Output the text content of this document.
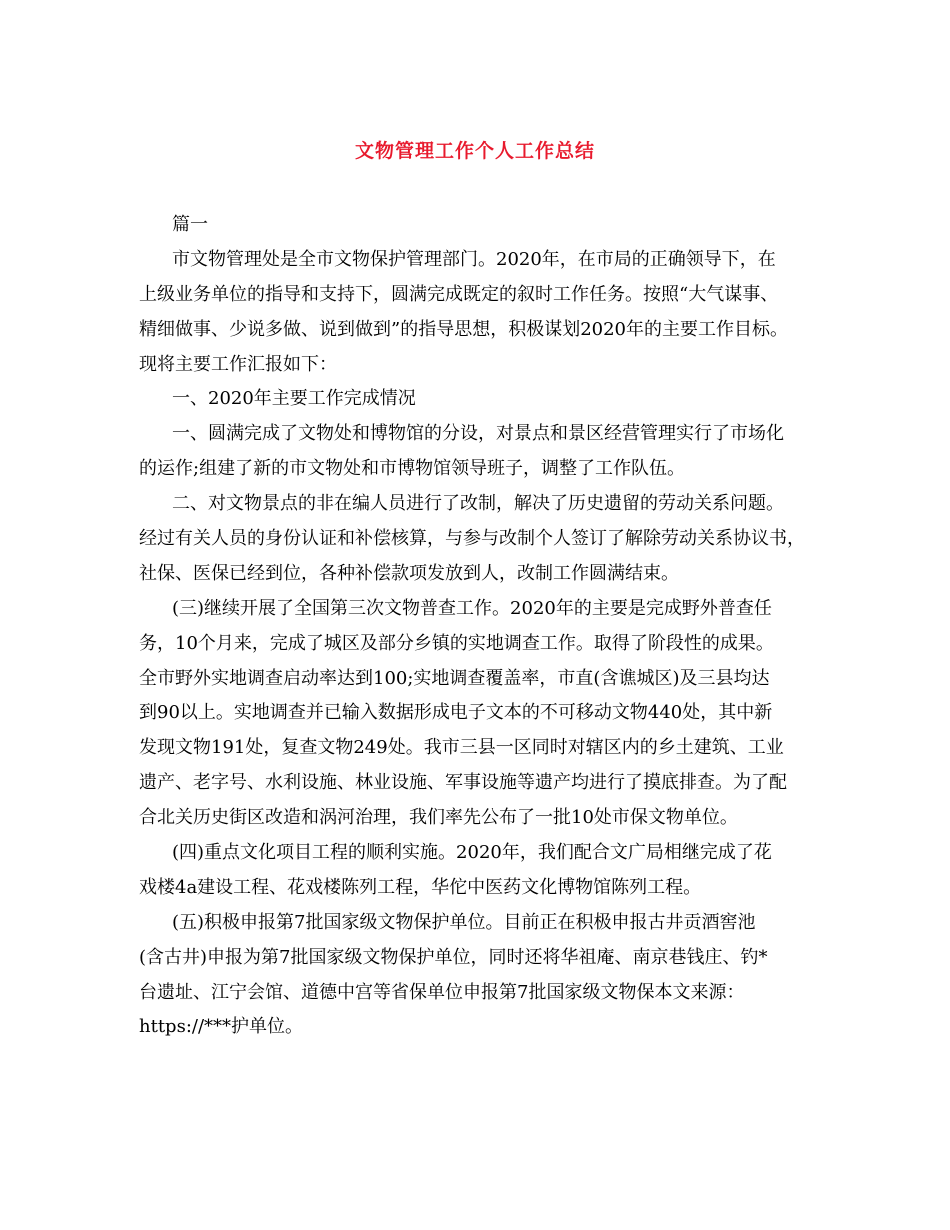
文物管理工作个人工作总结
篇一
市文物管理处是全市文物保护管理部门。2020年，在市局的正确领导下，在
上级业务单位的指导和支持下，圆满完成既定的叙时工作任务。按照“大气谋事、
精细做事、少说多做、说到做到”的指导思想，积极谋划2020年的主要工作目标。
现将主要工作汇报如下：
一、2020年主要工作完成情况
一、圆满完成了文物处和博物馆的分设，对景点和景区经营管理实行了市场化
的运作;组建了新的市文物处和市博物馆领导班子，调整了工作队伍。
二、对文物景点的非在编人员进行了改制，解决了历史遗留的劳动关系问题。
经过有关人员的身份认证和补偿核算，与参与改制个人签订了解除劳动关系协议书，
社保、医保已经到位，各种补偿款项发放到人，改制工作圆满结束。
(三)继续开展了全国第三次文物普查工作。2020年的主要是完成野外普查任
务，10个月来，完成了城区及部分乡镇的实地调查工作。取得了阶段性的成果。
全市野外实地调查启动率达到100;实地调查覆盖率，市直(含谯城区)及三县均达
到90以上。实地调查并已输入数据形成电子文本的不可移动文物440处，其中新
发现文物191处，复查文物249处。我市三县一区同时对辖区内的乡土建筑、工业
遗产、老字号、水利设施、林业设施、军事设施等遗产均进行了摸底排查。为了配
合北关历史街区改造和涡河治理，我们率先公布了一批10处市保文物单位。
(四)重点文化项目工程的顺利实施。2020年，我们配合文广局相继完成了花
戏楼4a建设工程、花戏楼陈列工程，华佗中医药文化博物馆陈列工程。
(五)积极申报第7批国家级文物保护单位。目前正在积极申报古井贡酒窖池
(含古井)申报为第7批国家级文物保护单位，同时还将华祖庵、南京巷钱庄、钓*
台遗址、江宁会馆、道德中宫等省保单位申报第7批国家级文物保本文来源：
https://***护单位。
